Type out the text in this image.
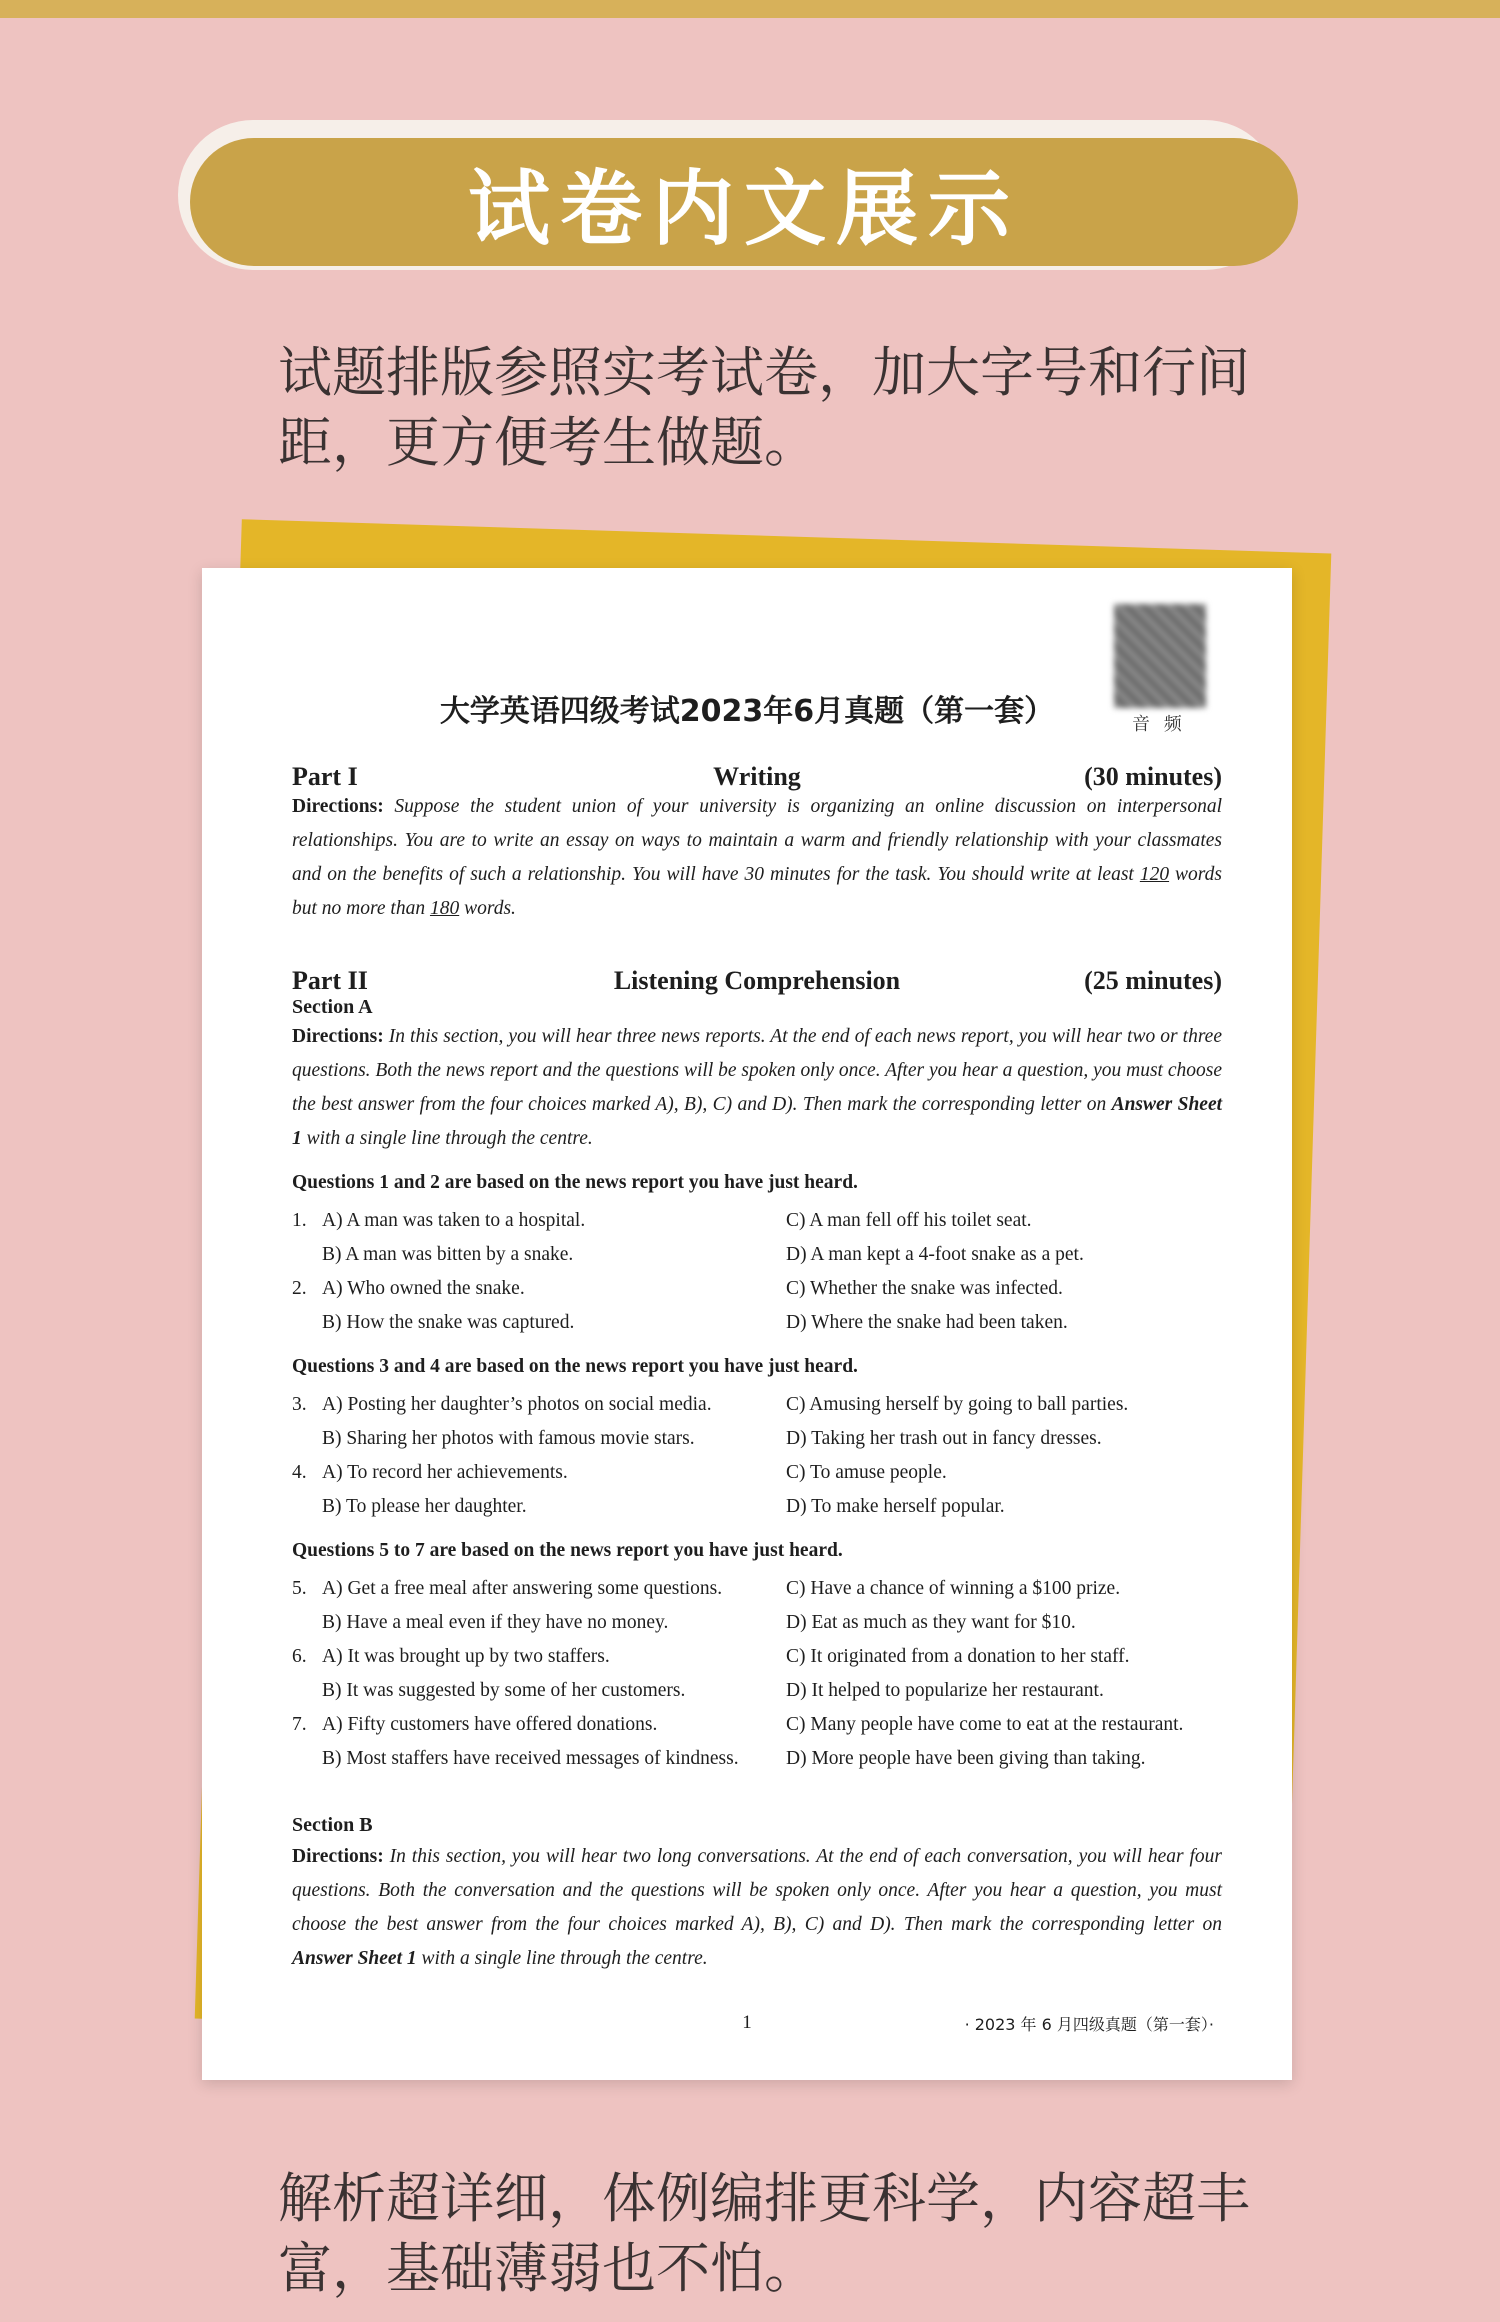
试卷内文展示
试题排版参照实考试卷，加大字号和行间距，更方便考生做题。
音 频
大学英语四级考试2023年6月真题（第一套）
Part I	Writing	(30 minutes)
Directions: Suppose the student union of your university is organizing an online discussion on interpersonal relationships. You are to write an essay on ways to maintain a warm and friendly relationship with your classmates and on the benefits of such a relationship. You will have 30 minutes for the task. You should write at least 120 words but no more than 180 words.
Part II	Listening Comprehension	(25 minutes)
Section A
Directions: In this section, you will hear three news reports. At the end of each news report, you will hear two or three questions. Both the news report and the questions will be spoken only once. After you hear a question, you must choose the best answer from the four choices marked A), B), C) and D). Then mark the corresponding letter on Answer Sheet 1 with a single line through the centre.
Questions 1 and 2 are based on the news report you have just heard.
1. A) A man was taken to a hospital.	C) A man fell off his toilet seat.
B) A man was bitten by a snake.	D) A man kept a 4-foot snake as a pet.
2. A) Who owned the snake.	C) Whether the snake was infected.
B) How the snake was captured.	D) Where the snake had been taken.
Questions 3 and 4 are based on the news report you have just heard.
3. A) Posting her daughter’s photos on social media.	C) Amusing herself by going to ball parties.
B) Sharing her photos with famous movie stars.	D) Taking her trash out in fancy dresses.
4. A) To record her achievements.	C) To amuse people.
B) To please her daughter.	D) To make herself popular.
Questions 5 to 7 are based on the news report you have just heard.
5. A) Get a free meal after answering some questions.	C) Have a chance of winning a $100 prize.
B) Have a meal even if they have no money.	D) Eat as much as they want for $10.
6. A) It was brought up by two staffers.	C) It originated from a donation to her staff.
B) It was suggested by some of her customers.	D) It helped to popularize her restaurant.
7. A) Fifty customers have offered donations.	C) Many people have come to eat at the restaurant.
B) Most staffers have received messages of kindness. D) More people have been giving than taking.
Section B
Directions: In this section, you will hear two long conversations. At the end of each conversation, you will hear four questions. Both the conversation and the questions will be spoken only once. After you hear a question, you must choose the best answer from the four choices marked A), B), C) and D). Then mark the corresponding letter on Answer Sheet 1 with a single line through the centre.
1	· 2023 年 6 月四级真题（第一套）·
解析超详细，体例编排更科学，内容超丰富，基础薄弱也不怕。
